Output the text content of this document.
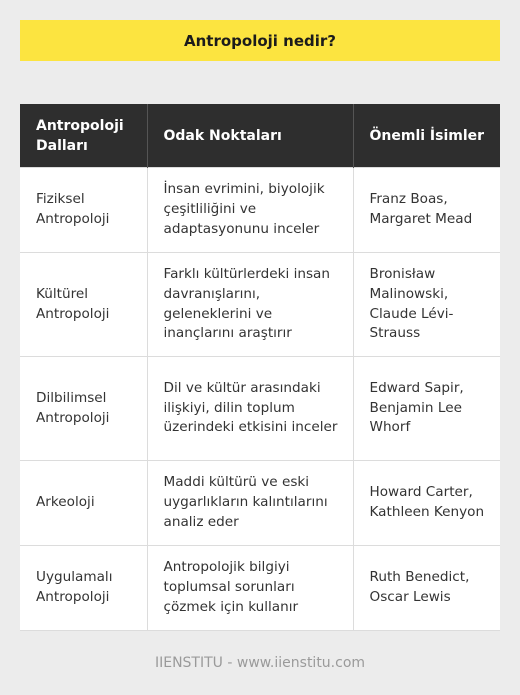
Antropoloji nedir?
Antropoloji Dalları	Odak Noktaları	Önemli İsimler
Fiziksel Antropoloji	İnsan evrimini, biyolojik çeşitliliğini ve adaptasyonunu inceler	Franz Boas, Margaret Mead
Kültürel Antropoloji	Farklı kültürlerdeki insan davranışlarını, geleneklerini ve inançlarını araştırır	Bronisław Malinowski, Claude Lévi-Strauss
Dilbilimsel Antropoloji	Dil ve kültür arasındaki ilişkiyi, dilin toplum üzerindeki etkisini inceler	Edward Sapir, Benjamin Lee Whorf
Arkeoloji	Maddi kültürü ve eski uygarlıkların kalıntılarını analiz eder	Howard Carter, Kathleen Kenyon
Uygulamalı Antropoloji	Antropolojik bilgiyi toplumsal sorunları çözmek için kullanır	Ruth Benedict, Oscar Lewis
IIENSTITU - www.iienstitu.com
